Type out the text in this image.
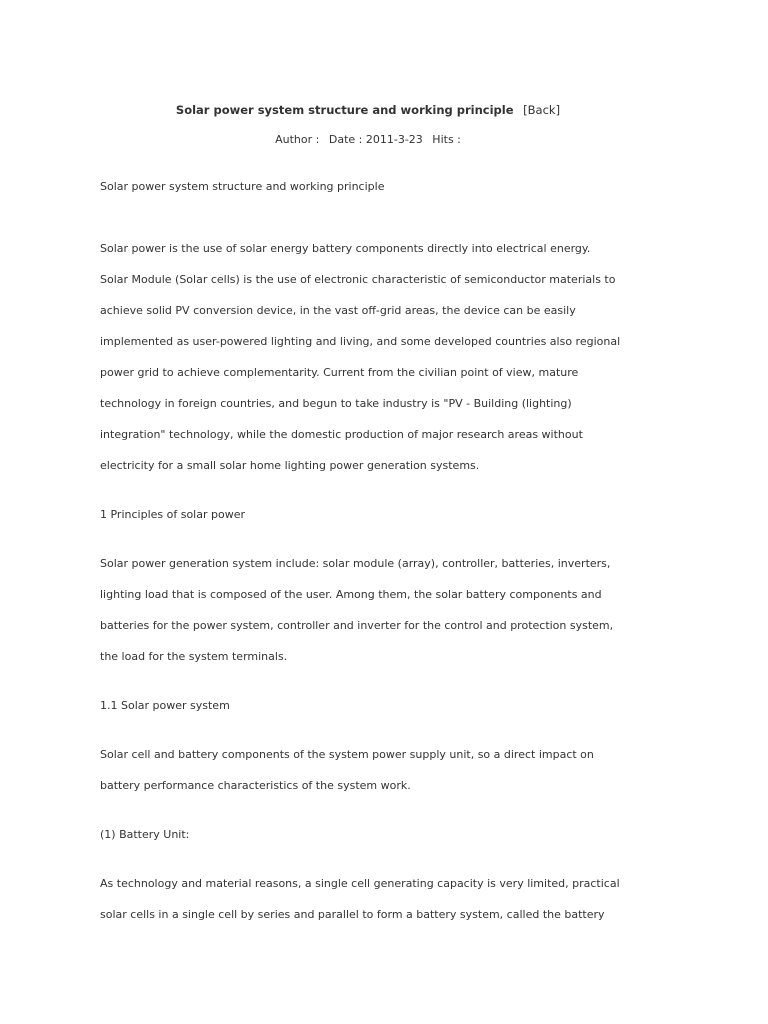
Solar power system structure and working principle [Back]
Author : Date : 2011-3-23 Hits :

Solar power system structure and working principle

Solar power is the use of solar energy battery components directly into electrical energy.

Solar Module (Solar cells) is the use of electronic characteristic of semiconductor materials to

achieve solid PV conversion device, in the vast off-grid areas, the device can be easily

implemented as user-powered lighting and living, and some developed countries also regional

power grid to achieve complementarity. Current from the civilian point of view, mature

technology in foreign countries, and begun to take industry is "PV - Building (lighting)

integration" technology, while the domestic production of major research areas without

electricity for a small solar home lighting power generation systems.

1 Principles of solar power

Solar power generation system include: solar module (array), controller, batteries, inverters,

lighting load that is composed of the user. Among them, the solar battery components and

batteries for the power system, controller and inverter for the control and protection system,

the load for the system terminals.

1.1 Solar power system

Solar cell and battery components of the system power supply unit, so a direct impact on

battery performance characteristics of the system work.

(1) Battery Unit:

As technology and material reasons, a single cell generating capacity is very limited, practical

solar cells in a single cell by series and parallel to form a battery system, called the battery
